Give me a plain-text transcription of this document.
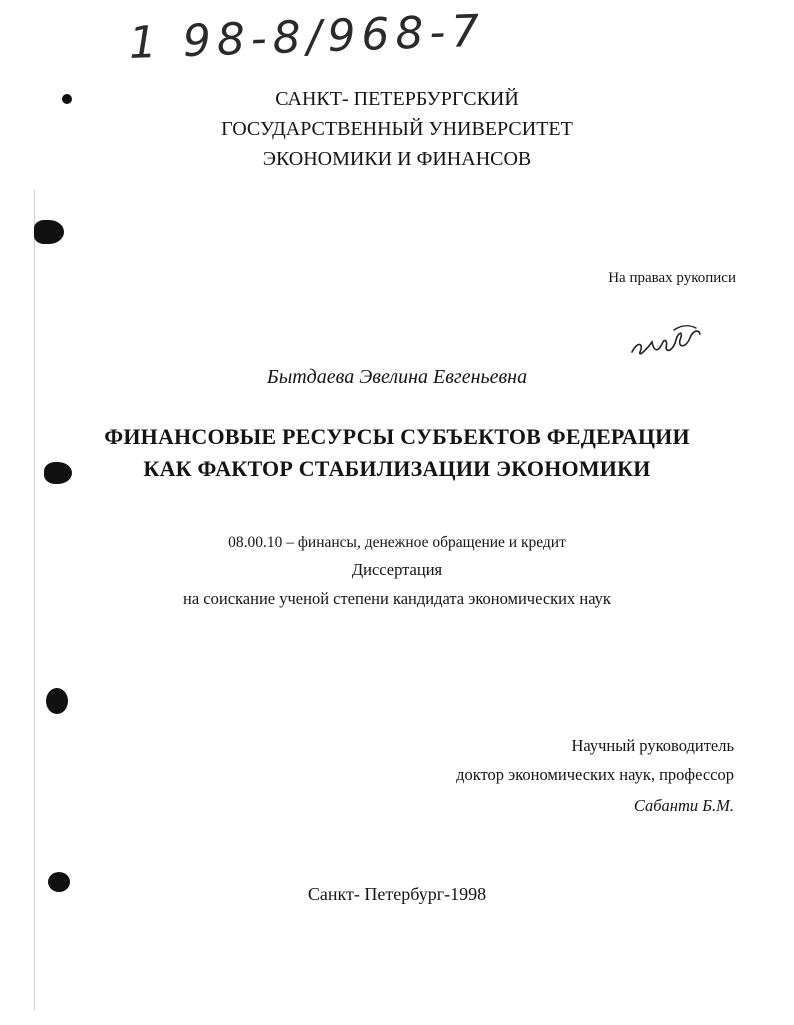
1 98-8/968-7
САНКТ- ПЕТЕРБУРГСКИЙ
ГОСУДАРСТВЕННЫЙ УНИВЕРСИТЕТ
ЭКОНОМИКИ И ФИНАНСОВ
На правах рукописи
Бытдаева Эвелина Евгеньевна
ФИНАНСОВЫЕ РЕСУРСЫ СУБЪЕКТОВ ФЕДЕРАЦИИ
КАК ФАКТОР СТАБИЛИЗАЦИИ ЭКОНОМИКИ
08.00.10 – финансы, денежное обращение и кредит
Диссертация
на соискание ученой степени кандидата экономических наук
Научный руководитель
доктор экономических наук, профессор
Сабанти Б.М.
Санкт- Петербург-1998
